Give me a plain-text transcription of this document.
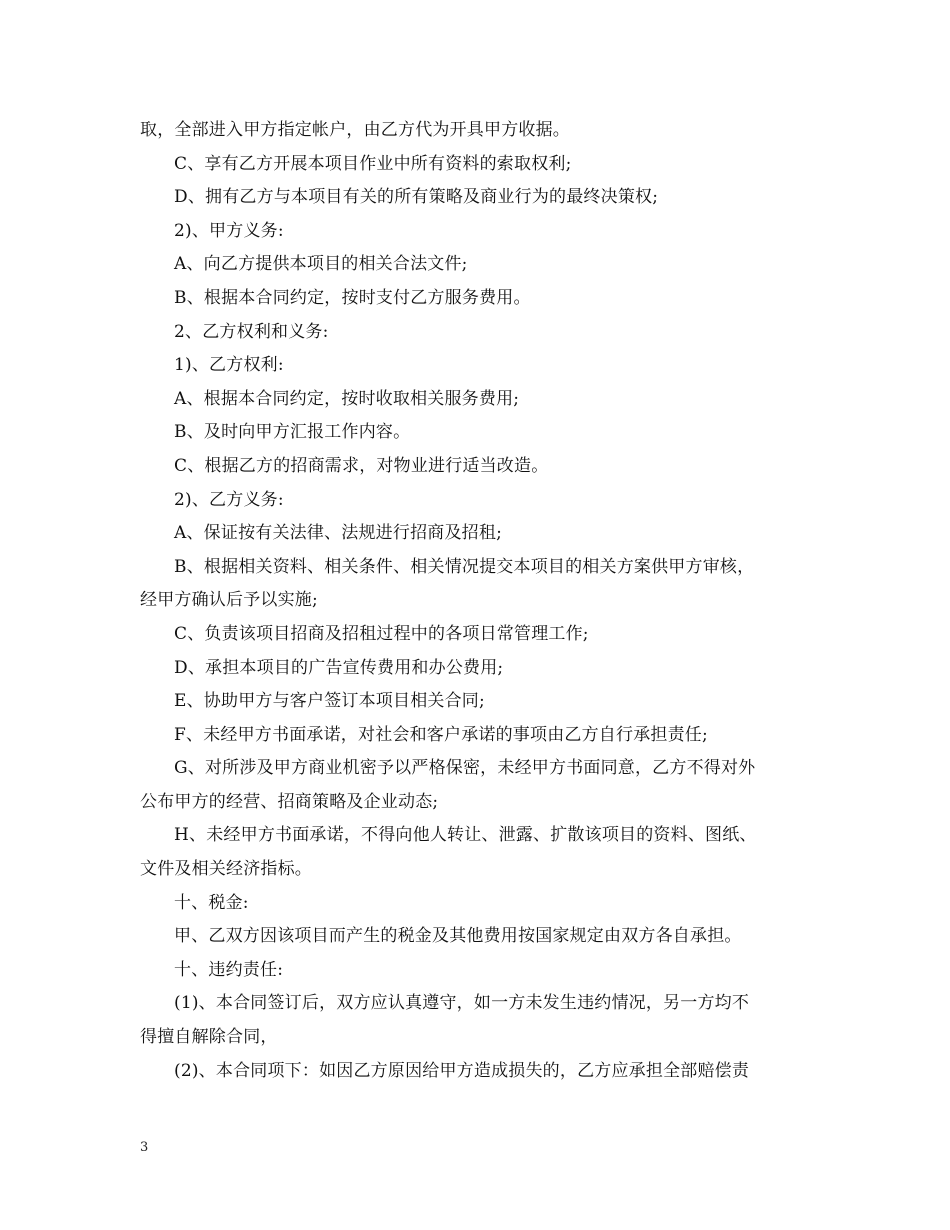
取，全部进入甲方指定帐户，由乙方代为开具甲方收据。
C、享有乙方开展本项目作业中所有资料的索取权利;
D、拥有乙方与本项目有关的所有策略及商业行为的最终决策权;
2)、甲方义务:
A、向乙方提供本项目的相关合法文件;
B、根据本合同约定，按时支付乙方服务费用。
2、乙方权利和义务:
1)、乙方权利:
A、根据本合同约定，按时收取相关服务费用;
B、及时向甲方汇报工作内容。
C、根据乙方的招商需求，对物业进行适当改造。
2)、乙方义务:
A、保证按有关法律、法规进行招商及招租;
B、根据相关资料、相关条件、相关情况提交本项目的相关方案供甲方审核，
经甲方确认后予以实施;
C、负责该项目招商及招租过程中的各项日常管理工作;
D、承担本项目的广告宣传费用和办公费用;
E、协助甲方与客户签订本项目相关合同;
F、未经甲方书面承诺，对社会和客户承诺的事项由乙方自行承担责任;
G、对所涉及甲方商业机密予以严格保密，未经甲方书面同意，乙方不得对外
公布甲方的经营、招商策略及企业动态;
H、未经甲方书面承诺，不得向他人转让、泄露、扩散该项目的资料、图纸、
文件及相关经济指标。
十、税金:
甲、乙双方因该项目而产生的税金及其他费用按国家规定由双方各自承担。
十、违约责任:
(1)、本合同签订后，双方应认真遵守，如一方未发生违约情况，另一方均不
得擅自解除合同，
(2)、本合同项下：如因乙方原因给甲方造成损失的，乙方应承担全部赔偿责
3
